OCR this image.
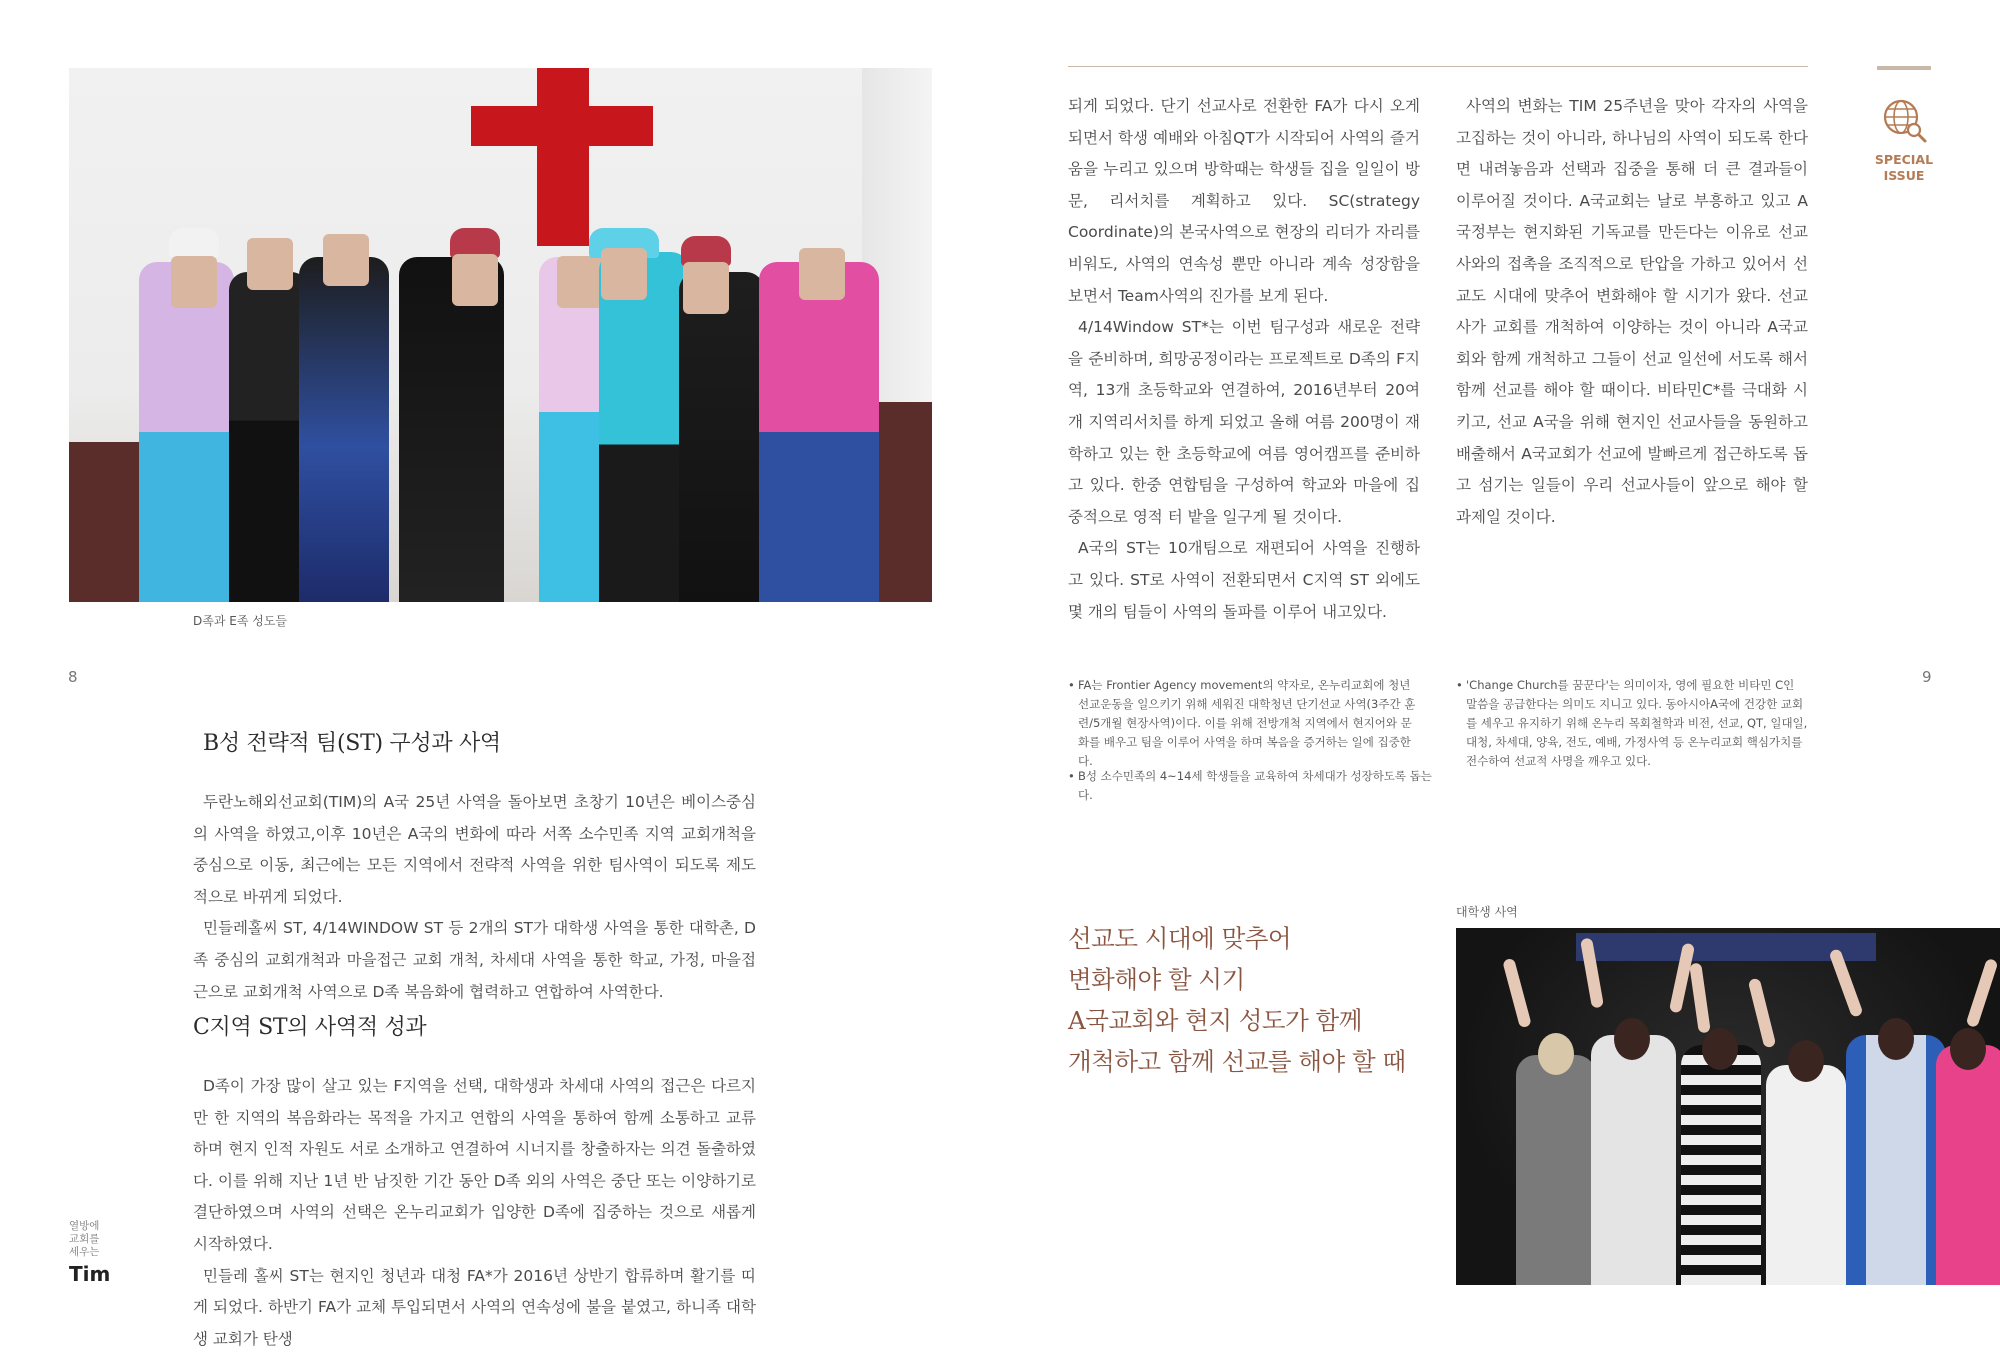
D족과 E족 성도들
8
B성 전략적 팀(ST) 구성과 사역

두란노해외선교회(TIM)의 A국 25년 사역을 돌아보면 초창기 10년은 베이스중심의 사역을 하였고,이후 10년은 A국의 변화에 따라 서쪽 소수민족 지역 교회개척을 중심으로 이동, 최근에는 모든 지역에서 전략적 사역을 위한 팀사역이 되도록 제도적으로 바뀌게 되었다.

민들레홀씨 ST, 4/14WINDOW ST 등 2개의 ST가 대학생 사역을 통한 대학촌, D족 중심의 교회개척과 마을접근 교회 개척, 차세대 사역을 통한 학교, 가정, 마을접근으로 교회개척 사역으로 D족 복음화에 협력하고 연합하여 사역한다.

C지역 ST의 사역적 성과

D족이 가장 많이 살고 있는 F지역을 선택, 대학생과 차세대 사역의 접근은 다르지만 한 지역의 복음화라는 목적을 가지고 연합의 사역을 통하여 함께 소통하고 교류하며 현지 인적 자원도 서로 소개하고 연결하여 시너지를 창출하자는 의견 돌출하였다. 이를 위해 지난 1년 반 남짓한 기간 동안 D족 외의 사역은 중단 또는 이양하기로 결단하였으며 사역의 선택은 온누리교회가 입양한 D족에 집중하는 것으로 새롭게 시작하였다.

민들레 홀씨 ST는 현지인 청년과 대청 FA*가 2016년 상반기 합류하며 활기를 띠게 되었다. 하반기 FA가 교체 투입되면서 사역의 연속성에 불을 붙였고, 하니족 대학생 교회가 탄생

열방에
교회를
세우는
Tim

되게 되었다. 단기 선교사로 전환한 FA가 다시 오게 되면서 학생 예배와 아침QT가 시작되어 사역의 즐거움을 누리고 있으며 방학때는 학생들 집을 일일이 방문, 리서치를 계획하고 있다. SC(strategy Coordinate)의 본국사역으로 현장의 리더가 자리를 비워도, 사역의 연속성 뿐만 아니라 계속 성장함을 보면서 Team사역의 진가를 보게 된다.

4/14Window ST*는 이번 팀구성과 새로운 전략을 준비하며, 희망공정이라는 프로젝트로 D족의 F지역, 13개 초등학교와 연결하여, 2016년부터 20여개 지역리서치를 하게 되었고 올해 여름 200명이 재학하고 있는 한 초등학교에 여름 영어캠프를 준비하고 있다. 한중 연합팀을 구성하여 학교와 마을에 집중적으로 영적 터 밭을 일구게 될 것이다.

A국의 ST는 10개팀으로 재편되어 사역을 진행하고 있다. ST로 사역이 전환되면서 C지역 ST 외에도 몇 개의 팀들이 사역의 돌파를 이루어 내고있다.

사역의 변화는 TIM 25주년을 맞아 각자의 사역을 고집하는 것이 아니라, 하나님의 사역이 되도록 한다면 내려놓음과 선택과 집중을 통해 더 큰 결과들이 이루어질 것이다. A국교회는 날로 부흥하고 있고 A국정부는 현지화된 기독교를 만든다는 이유로 선교사와의 접촉을 조직적으로 탄압을 가하고 있어서 선교도 시대에 맞추어 변화해야 할 시기가 왔다. 선교사가 교회를 개척하여 이양하는 것이 아니라 A국교회와 함께 개척하고 그들이 선교 일선에 서도록 해서 함께 선교를 해야 할 때이다. 비타민C*를 극대화 시키고, 선교 A국을 위해 현지인 선교사들을 동원하고 배출해서 A국교회가 선교에 발빠르게 접근하도록 돕고 섬기는 일들이 우리 선교사들이 앞으로 해야 할 과제일 것이다.

SPECIAL
ISSUE
9
• FA는 Frontier Agency movement의 약자로, 온누리교회에 청년선교운동을 일으키기 위해 세워진 대학청년 단기선교 사역(3주간 훈련/5개월 현장사역)이다. 이를 위해 전방개척 지역에서 현지어와 문화를 배우고 팀을 이루어 사역을 하며 복음을 증거하는 일에 집중한다.
• B성 소수민족의 4~14세 학생들을 교육하여 차세대가 성장하도록 돕는다.
• 'Change Church를 꿈꾼다'는 의미이자, 영에 필요한 비타민 C인 말씀을 공급한다는 의미도 지니고 있다. 동아시아A국에 건강한 교회를 세우고 유지하기 위해 온누리 목회철학과 비전, 선교, QT, 일대일, 대청, 차세대, 양육, 전도, 예배, 가정사역 등 온누리교회 핵심가치를 전수하여 선교적 사명을 깨우고 있다.
선교도 시대에 맞추어
변화해야 할 시기
A국교회와 현지 성도가 함께
개척하고 함께 선교를 해야 할 때
대학생 사역
